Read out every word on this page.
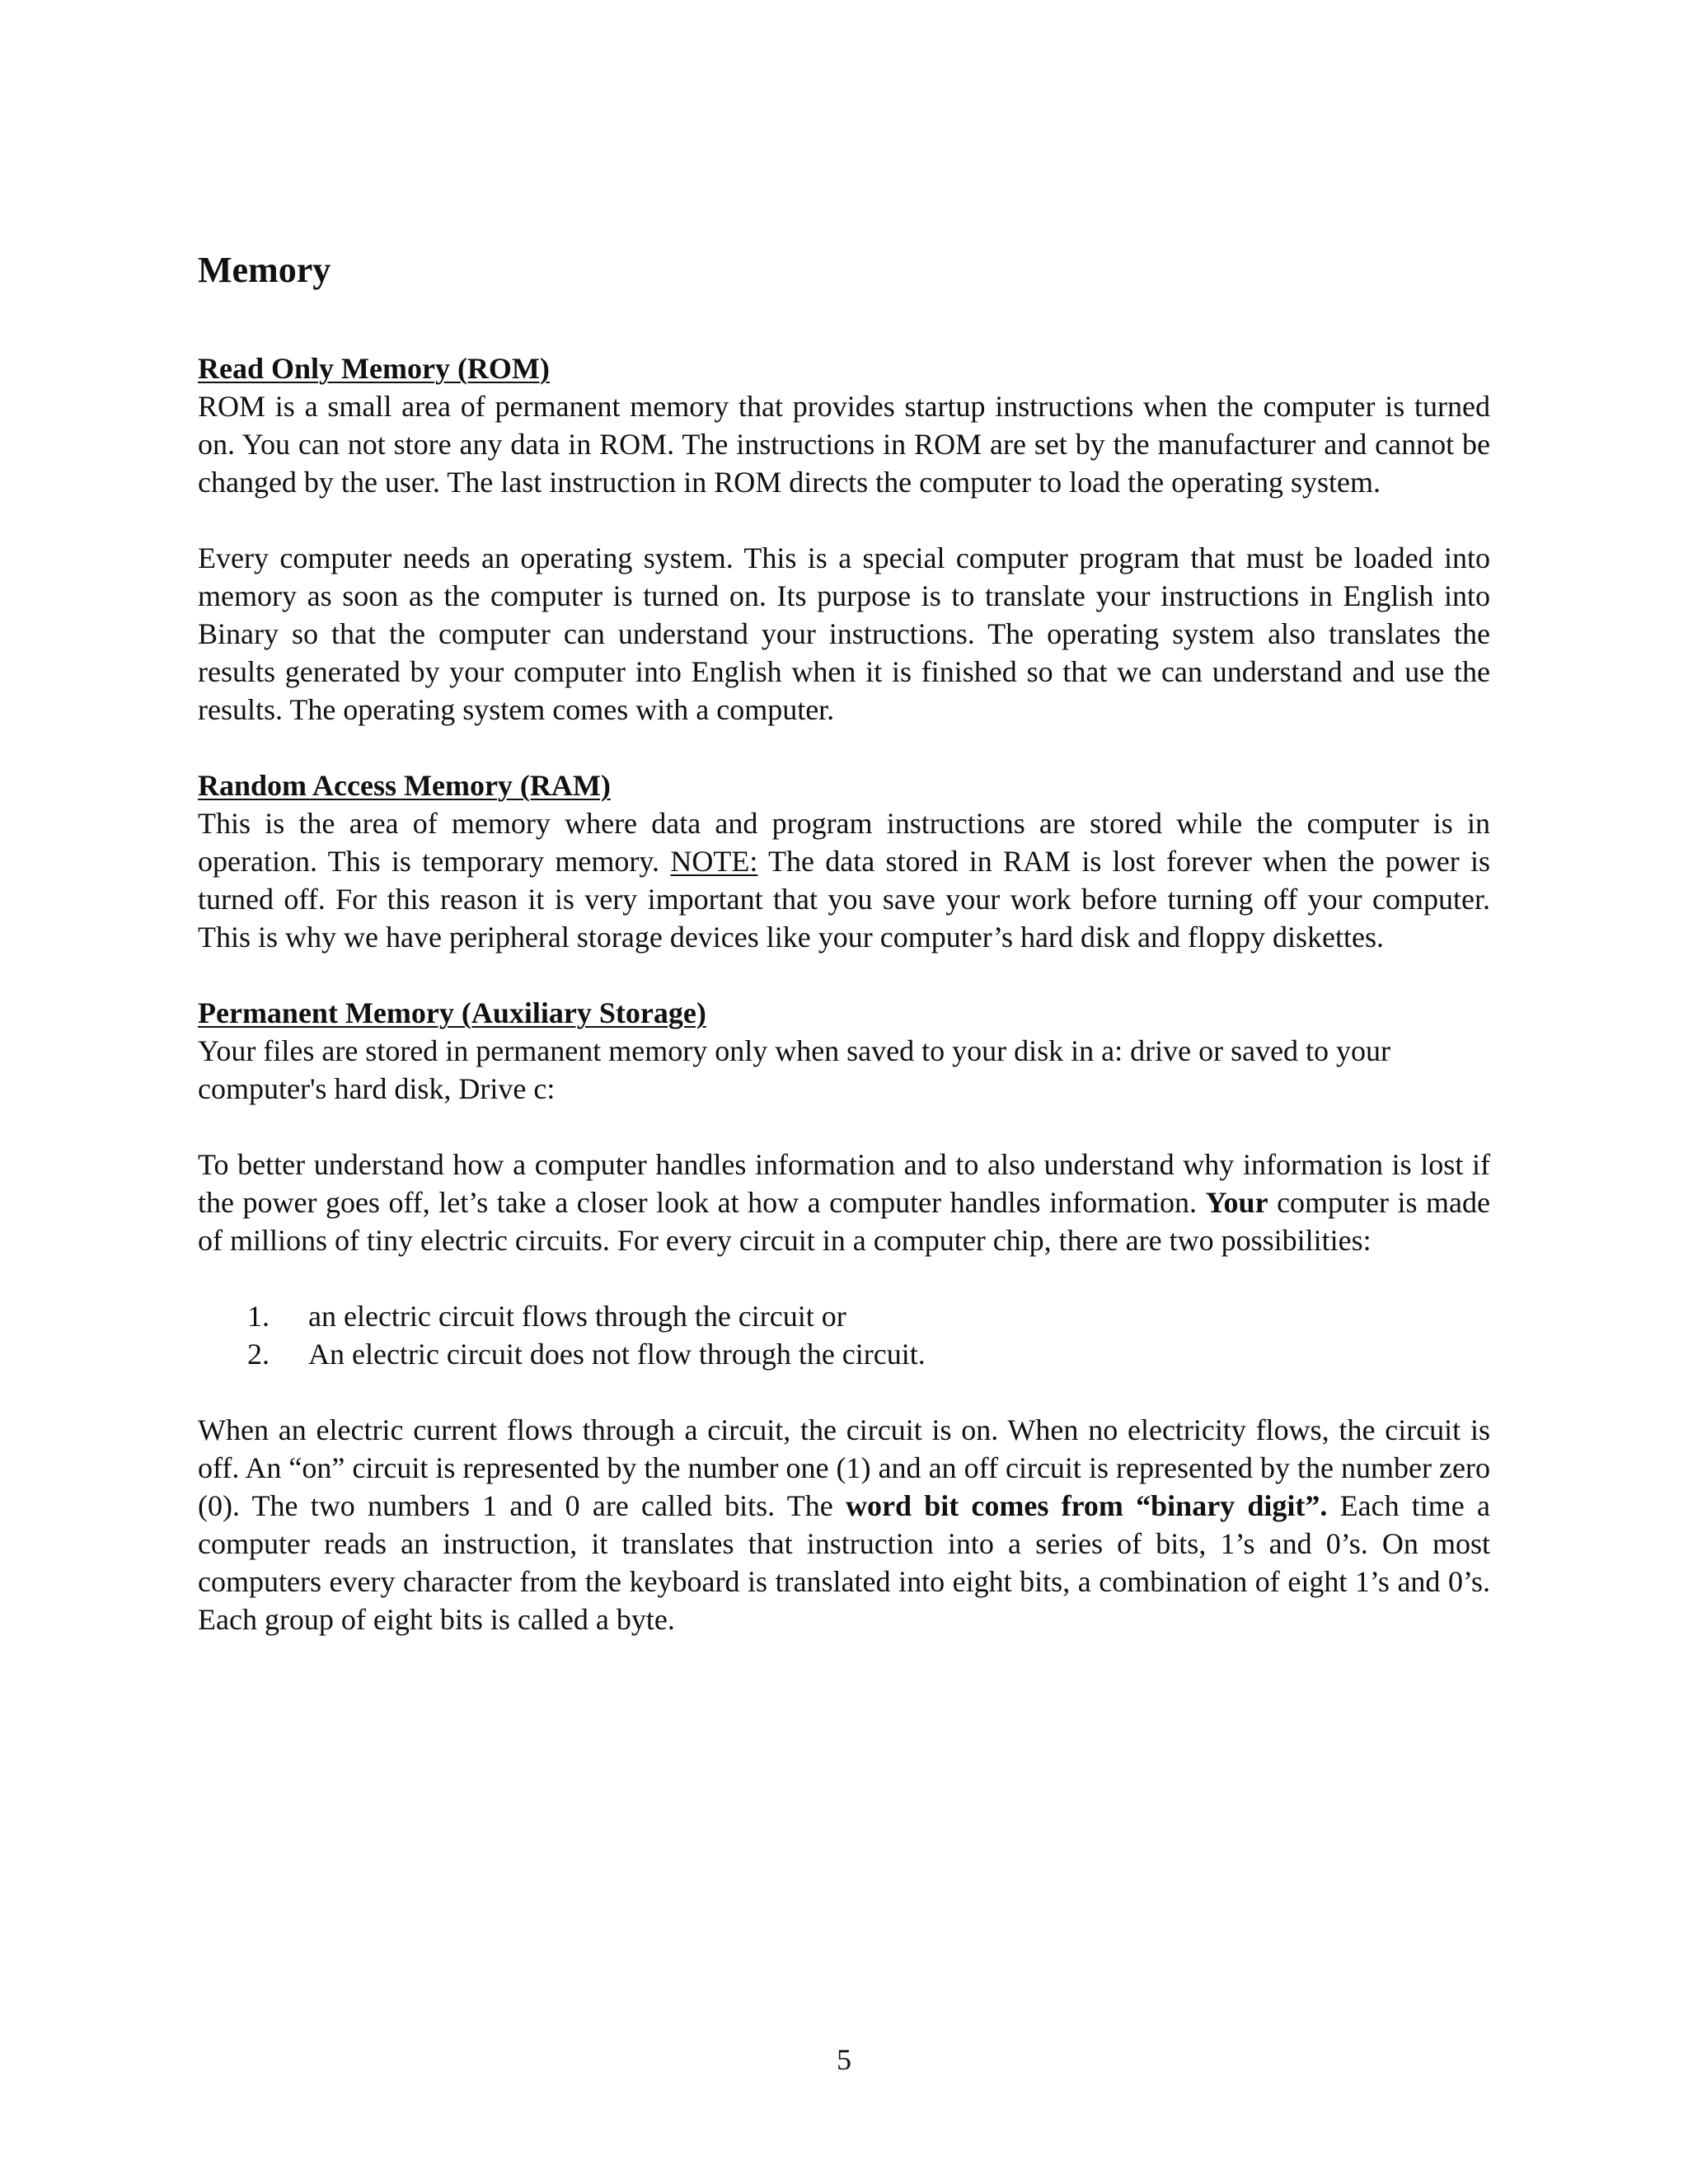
Memory
Read Only Memory (ROM)

ROM is a small area of permanent memory that provides startup instructions when the computer is turned on. You can not store any data in ROM. The instructions in ROM are set by the manufacturer and cannot be changed by the user. The last instruction in ROM directs the computer to load the operating system.

Every computer needs an operating system. This is a special computer program that must be loaded into memory as soon as the computer is turned on. Its purpose is to translate your instructions in English into Binary so that the computer can understand your instructions. The operating system also translates the results generated by your computer into English when it is finished so that we can understand and use the results. The operating system comes with a computer.

Random Access Memory (RAM)

This is the area of memory where data and program instructions are stored while the computer is in operation. This is temporary memory. NOTE: The data stored in RAM is lost forever when the power is turned off. For this reason it is very important that you save your work before turning off your computer. This is why we have peripheral storage devices like your computer’s hard disk and floppy diskettes.

Permanent Memory (Auxiliary Storage)

Your files are stored in permanent memory only when saved to your disk in a: drive or saved to your computer's hard disk, Drive c:

To better understand how a computer handles information and to also understand why information is lost if the power goes off, let’s take a closer look at how a computer handles information. Your computer is made of millions of tiny electric circuits. For every circuit in a computer chip, there are two possibilities:

1. an electric circuit flows through the circuit or
2. An electric circuit does not flow through the circuit.

When an electric current flows through a circuit, the circuit is on. When no electricity flows, the circuit is off. An “on” circuit is represented by the number one (1) and an off circuit is represented by the number zero (0). The two numbers 1 and 0 are called bits. The word bit comes from “binary digit”. Each time a computer reads an instruction, it translates that instruction into a series of bits, 1’s and 0’s. On most computers every character from the keyboard is translated into eight bits, a combination of eight 1’s and 0’s. Each group of eight bits is called a byte.

5
